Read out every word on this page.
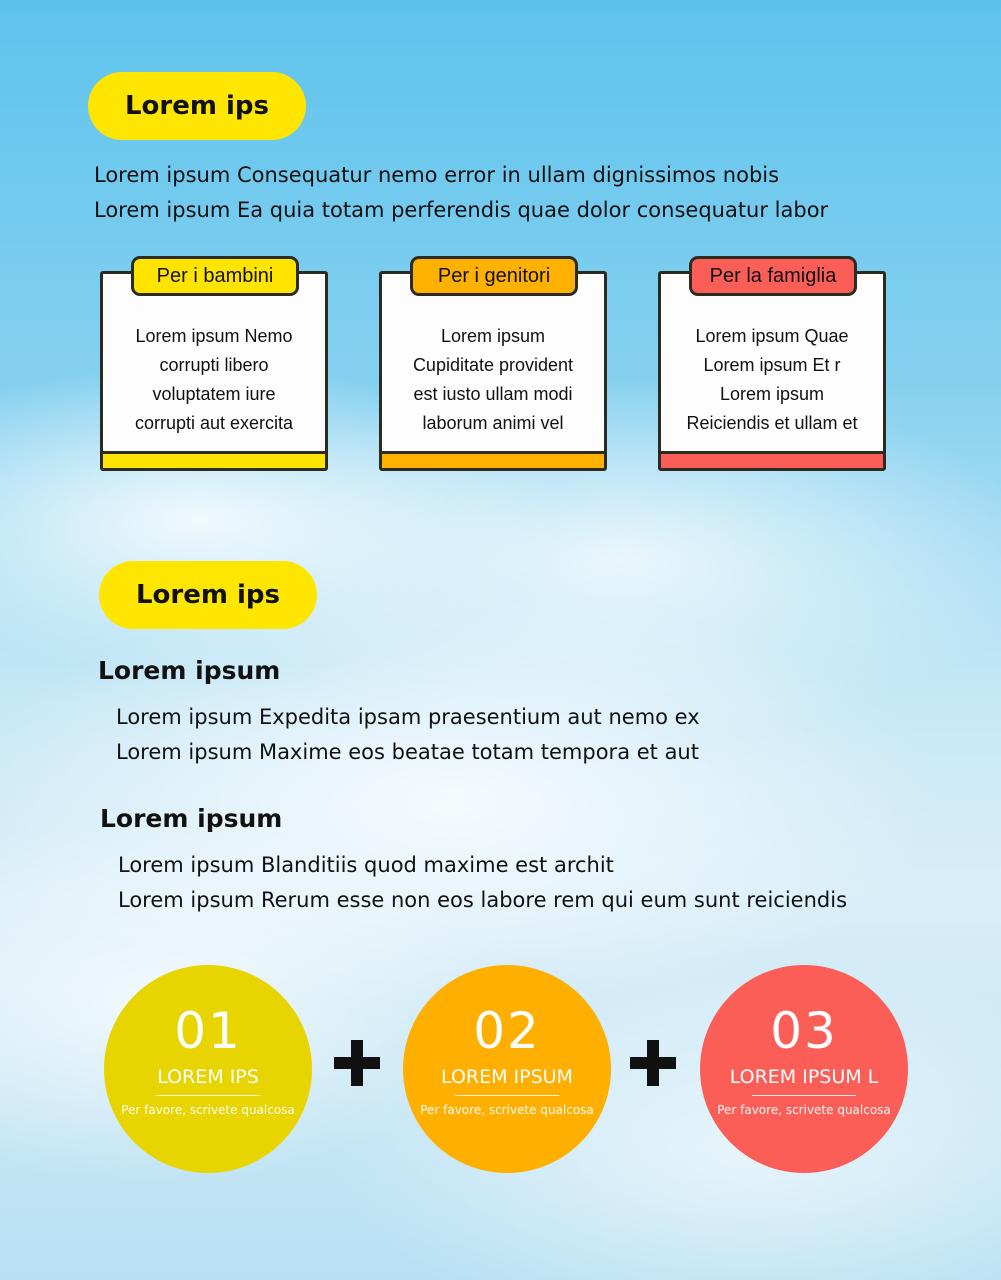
Lorem ips
Lorem ipsum Consequatur nemo error in ullam dignissimos nobis
Lorem ipsum Ea quia totam perferendis quae dolor consequatur labor
Per i bambini
Lorem ipsum Nemo
corrupti libero
voluptatem iure
corrupti aut exercita
Per i genitori
Lorem ipsum
Cupiditate provident
est iusto ullam modi
laborum animi vel
Per la famiglia
Lorem ipsum Quae
Lorem ipsum Et r
Lorem ipsum
Reiciendis et ullam et
Lorem ips
Lorem ipsum
Lorem ipsum Expedita ipsam praesentium aut nemo ex
Lorem ipsum Maxime eos beatae totam tempora et aut
Lorem ipsum
Lorem ipsum Blanditiis quod maxime est archit
Lorem ipsum Rerum esse non eos labore rem qui eum sunt reiciendis
01
LOREM IPS
Per favore, scrivete qualcosa
02
LOREM IPSUM
Per favore, scrivete qualcosa
03
LOREM IPSUM L
Per favore, scrivete qualcosa
